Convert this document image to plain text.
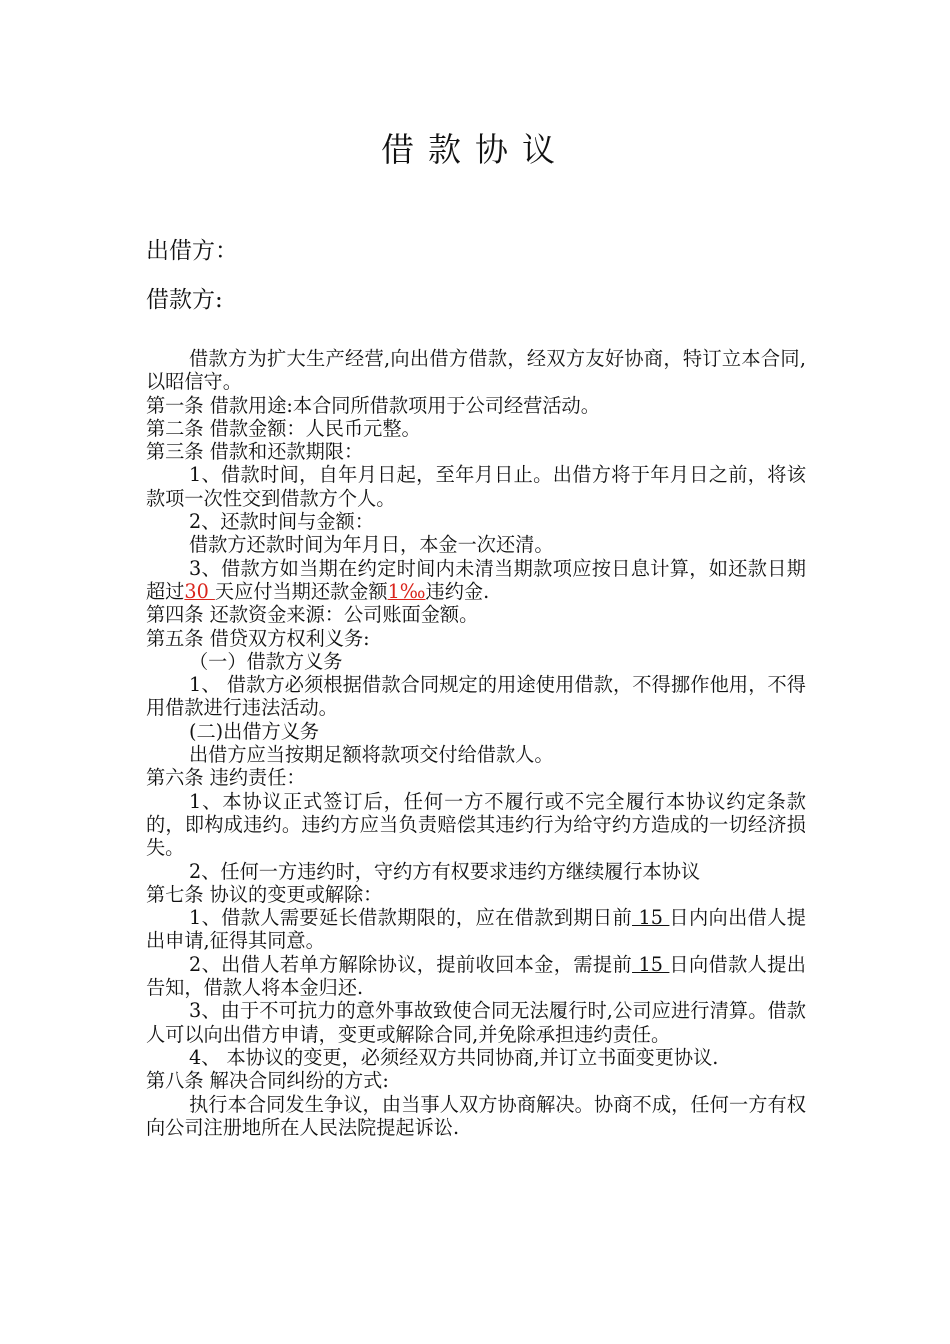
借款协议
出借方：
借款方:

借款方为扩大生产经营,向出借方借款，经双方友好协商，特订立本合同,以昭信守。

第一条 借款用途:本合同所借款项用于公司经营活动。

第二条 借款金额：人民币元整。

第三条 借款和还款期限：

1、借款时间，自年月日起，至年月日止。出借方将于年月日之前，将该款项一次性交到借款方个人。

2、还款时间与金额：

借款方还款时间为年月日，本金一次还清。

3、借款方如当期在约定时间内未清当期款项应按日息计算，如还款日期超过30 天应付当期还款金额1‰违约金.

第四条 还款资金来源：公司账面金额。

第五条 借贷双方权利义务:

（一）借款方义务

1、 借款方必须根据借款合同规定的用途使用借款，不得挪作他用，不得用借款进行违法活动。

(二)出借方义务

出借方应当按期足额将款项交付给借款人。

第六条 违约责任：

1、本协议正式签订后，任何一方不履行或不完全履行本协议约定条款的，即构成违约。违约方应当负责赔偿其违约行为给守约方造成的一切经济损失。

2、任何一方违约时，守约方有权要求违约方继续履行本协议

第七条 协议的变更或解除：

1、借款人需要延长借款期限的，应在借款到期日前 15 日内向出借人提出申请,征得其同意。

2、出借人若单方解除协议，提前收回本金，需提前 15 日向借款人提出告知，借款人将本金归还.

3、由于不可抗力的意外事故致使合同无法履行时,公司应进行清算。借款人可以向出借方申请，变更或解除合同,并免除承担违约责任。

4、 本协议的变更，必须经双方共同协商,并订立书面变更协议.

第八条 解决合同纠纷的方式:

执行本合同发生争议，由当事人双方协商解决。协商不成，任何一方有权向公司注册地所在人民法院提起诉讼.
